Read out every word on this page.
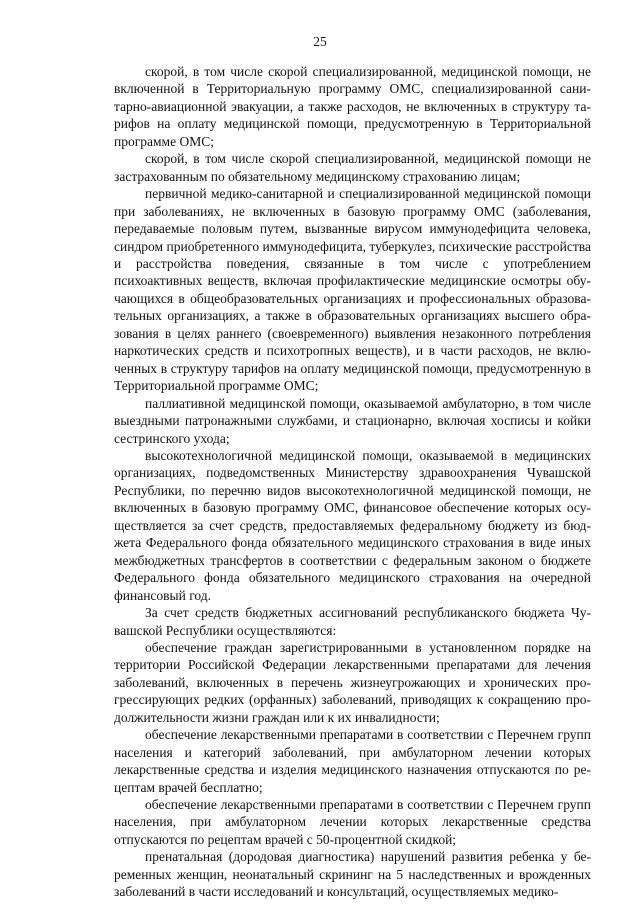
25

скорой, в том числе скорой специализированной, медицинской помощи, не включенной в Территориальную программу ОМС, специализированной санитарно-авиационной эвакуации, а также расходов, не включенных в структуру тарифов на оплату медицинской помощи, предусмотренную в Территориальной программе ОМС;

скорой, в том числе скорой специализированной, медицинской помощи не застрахованным по обязательному медицинскому страхованию лицам;

первичной медико-санитарной и специализированной медицинской помощи при заболеваниях, не включенных в базовую программу ОМС (заболевания, передаваемые половым путем, вызванные вирусом иммунодефицита человека, синдром приобретенного иммунодефицита, туберкулез, психические расстройства и расстройства поведения, связанные в том числе с употреблением психоактивных веществ, включая профилактические медицинские осмотры обучающихся в общеобразовательных организациях и профессиональных образовательных организациях, а также в образовательных организациях высшего образования в целях раннего (своевременного) выявления незаконного потребления наркотических средств и психотропных веществ), и в части расходов, не включенных в структуру тарифов на оплату медицинской помощи, предусмотренную в Территориальной программе ОМС;

паллиативной медицинской помощи, оказываемой амбулаторно, в том числе выездными патронажными службами, и стационарно, включая хосписы и койки сестринского ухода;

высокотехнологичной медицинской помощи, оказываемой в медицинских организациях, подведомственных Министерству здравоохранения Чувашской Республики, по перечню видов высокотехнологичной медицинской помощи, не включенных в базовую программу ОМС, финансовое обеспечение которых осуществляется за счет средств, предоставляемых федеральному бюджету из бюджета Федерального фонда обязательного медицинского страхования в виде иных межбюджетных трансфертов в соответствии с федеральным законом о бюджете Федерального фонда обязательного медицинского страхования на очередной финансовый год.

За счет средств бюджетных ассигнований республиканского бюджета Чувашской Республики осуществляются:

обеспечение граждан зарегистрированными в установленном порядке на территории Российской Федерации лекарственными препаратами для лечения заболеваний, включенных в перечень жизнеугрожающих и хронических прогрессирующих редких (орфанных) заболеваний, приводящих к сокращению продолжительности жизни граждан или к их инвалидности;

обеспечение лекарственными препаратами в соответствии с Перечнем групп населения и категорий заболеваний, при амбулаторном лечении которых лекарственные средства и изделия медицинского назначения отпускаются по рецептам врачей бесплатно;

обеспечение лекарственными препаратами в соответствии с Перечнем групп населения, при амбулаторном лечении которых лекарственные средства отпускаются по рецептам врачей с 50-процентной скидкой;

пренатальная (дородовая диагностика) нарушений развития ребенка у беременных женщин, неонатальный скрининг на 5 наследственных и врожденных заболеваний в части исследований и консультаций, осуществляемых медико-
